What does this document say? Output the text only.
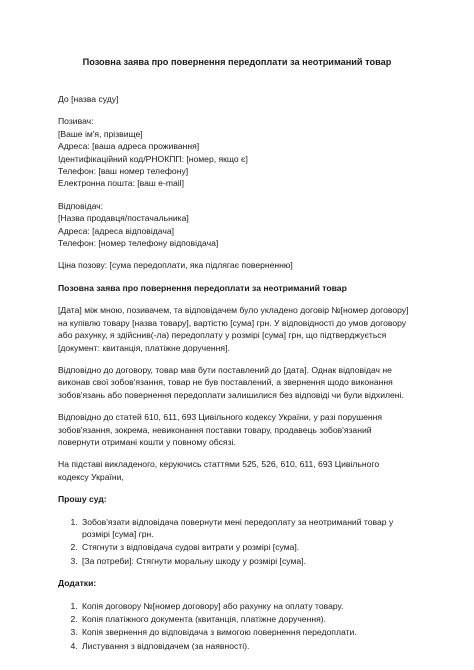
Позовна заява про повернення передоплати за неотриманий товар
До [назва суду]
Позивач:
[Ваше ім'я, прізвище]
Адреса: [ваша адреса проживання]
Ідентифікаційний код/РНОКПП: [номер, якщо є]
Телефон: [ваш номер телефону]
Електронна пошта: [ваш e-mail]
Відповідач:
[Назва продавця/постачальника]
Адреса: [адреса відповідача]
Телефон: [номер телефону відповідача]
Ціна позову: [сума передоплати, яка підлягає поверненню]
Позовна заява про повернення передоплати за неотриманий товар
[Дата] між мною, позивачем, та відповідачем було укладено договір №[номер договору]
на купівлю товару [назва товару], вартістю [сума] грн. У відповідності до умов договору
або рахунку, я здійснив(-ла) передоплату у розмірі [сума] грн, що підтверджується
[документ: квитанція, платіжне доручення].
Відповідно до договору, товар мав бути поставлений до [дата]. Однак відповідач не
виконав свої зобов'язання, товар не був поставлений, а звернення щодо виконання
зобов'язань або повернення передоплати залишилися без відповіді чи були відхилені.
Відповідно до статей 610, 611, 693 Цивільного кодексу України, у разі порушення
зобов'язання, зокрема, невиконання поставки товару, продавець зобов'язаний
повернути отримані кошти у повному обсязі.
На підставі викладеного, керуючись статтями 525, 526, 610, 611, 693 Цивільного
кодексу України,
Прошу суд:
1. Зобов'язати відповідача повернути мені передоплату за неотриманий товар у
розмірі [сума] грн.
2. Стягнути з відповідача судові витрати у розмірі [сума].
3. [За потреби]: Стягнути моральну шкоду у розмірі [сума].
Додатки:
1. Копія договору №[номер договору] або рахунку на оплату товару.
2. Копія платіжного документа (квитанція, платіжне доручення).
3. Копія звернення до відповідача з вимогою повернення передоплати.
4. Листування з відповідачем (за наявності).
